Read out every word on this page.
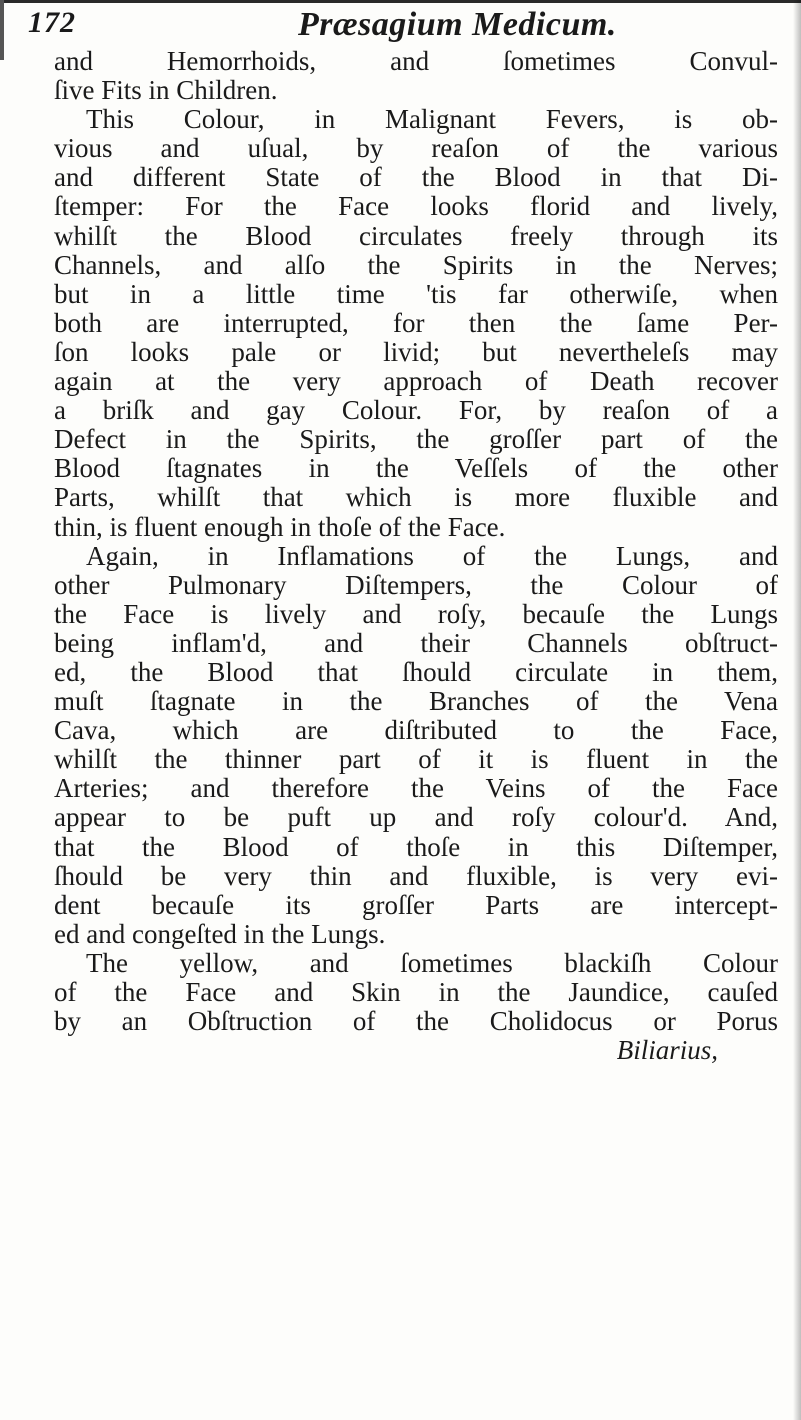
172	Præsagium Medicum.
and Hemorrhoids, and ſometimes Convul-
ſive Fits in Children.
This Colour, in Malignant Fevers, is ob-
vious and uſual, by reaſon of the various
and different State of the Blood in that Di-
ſtemper: For the Face looks florid and lively,
whilſt the Blood circulates freely through its
Channels, and alſo the Spirits in the Nerves;
but in a little time 'tis far otherwiſe, when
both are interrupted, for then the ſame Per-
ſon looks pale or livid; but nevertheleſs may
again at the very approach of Death recover
a briſk and gay Colour. For, by reaſon of a
Defect in the Spirits, the groſſer part of the
Blood ſtagnates in the Veſſels of the other
Parts, whilſt that which is more fluxible and
thin, is fluent enough in thoſe of the Face.
Again, in Inflamations of the Lungs, and
other Pulmonary Diſtempers, the Colour of
the Face is lively and roſy, becauſe the Lungs
being inflam'd, and their Channels obſtruct-
ed, the Blood that ſhould circulate in them,
muſt ſtagnate in the Branches of the Vena
Cava, which are diſtributed to the Face,
whilſt the thinner part of it is fluent in the
Arteries; and therefore the Veins of the Face
appear to be puft up and roſy colour'd. And,
that the Blood of thoſe in this Diſtemper,
ſhould be very thin and fluxible, is very evi-
dent becauſe its groſſer Parts are intercept-
ed and congeſted in the Lungs.
The yellow, and ſometimes blackiſh Colour
of the Face and Skin in the Jaundice, cauſed
by an Obſtruction of the Cholidocus or Porus
Biliarius,
